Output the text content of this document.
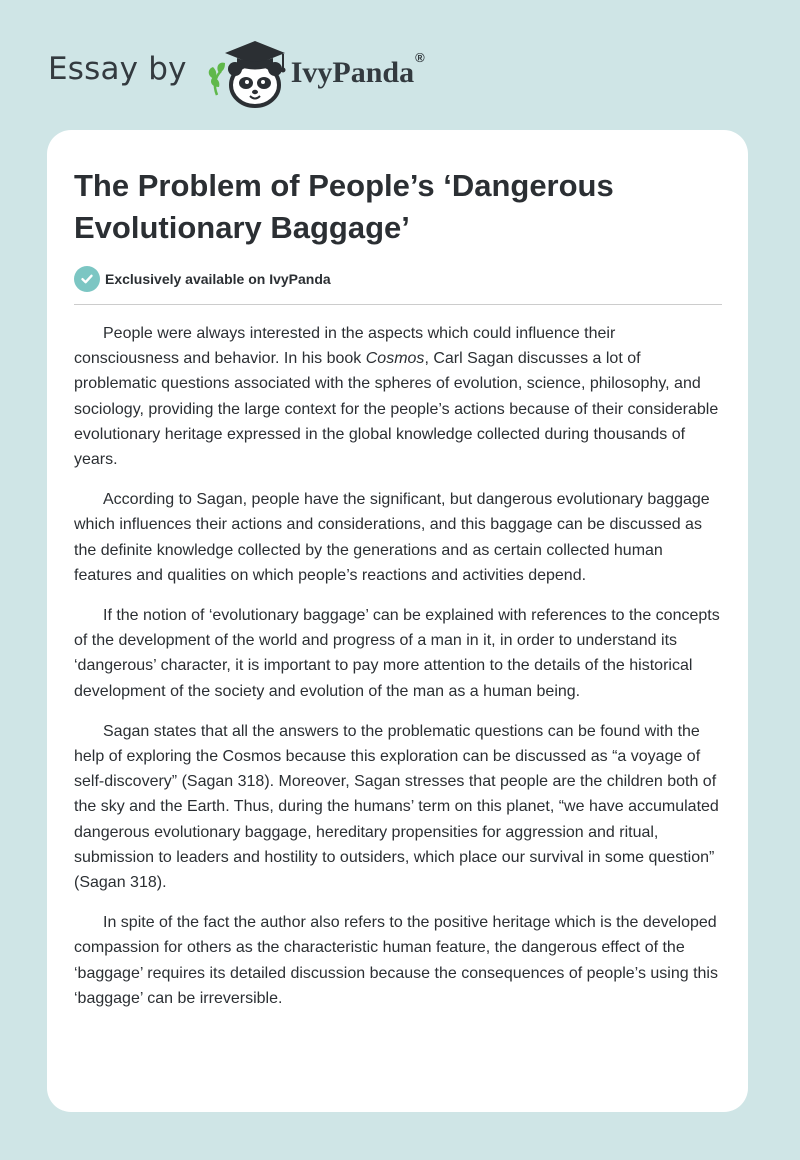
Essay by	IvyPanda®
The Problem of People’s ‘Dangerous Evolutionary Baggage’
Exclusively available on IvyPanda

People were always interested in the aspects which could influence their consciousness and behavior. In his book Cosmos, Carl Sagan discusses a lot of problematic questions associated with the spheres of evolution, science, philosophy, and sociology, providing the large context for the people’s actions because of their considerable evolutionary heritage expressed in the global knowledge collected during thousands of years.

According to Sagan, people have the significant, but dangerous evolutionary baggage which influences their actions and considerations, and this baggage can be discussed as the definite knowledge collected by the generations and as certain collected human features and qualities on which people’s reactions and activities depend.

If the notion of ‘evolutionary baggage’ can be explained with references to the concepts of the development of the world and progress of a man in it, in order to understand its ‘dangerous’ character, it is important to pay more attention to the details of the historical development of the society and evolution of the man as a human being.

Sagan states that all the answers to the problematic questions can be found with the help of exploring the Cosmos because this exploration can be discussed as “a voyage of self-discovery” (Sagan 318). Moreover, Sagan stresses that people are the children both of the sky and the Earth. Thus, during the humans’ term on this planet, “we have accumulated dangerous evolutionary baggage, hereditary propensities for aggression and ritual, submission to leaders and hostility to outsiders, which place our survival in some question” (Sagan 318).

In spite of the fact the author also refers to the positive heritage which is the developed compassion for others as the characteristic human feature, the dangerous effect of the ‘baggage’ requires its detailed discussion because the consequences of people’s using this ‘baggage’ can be irreversible.
